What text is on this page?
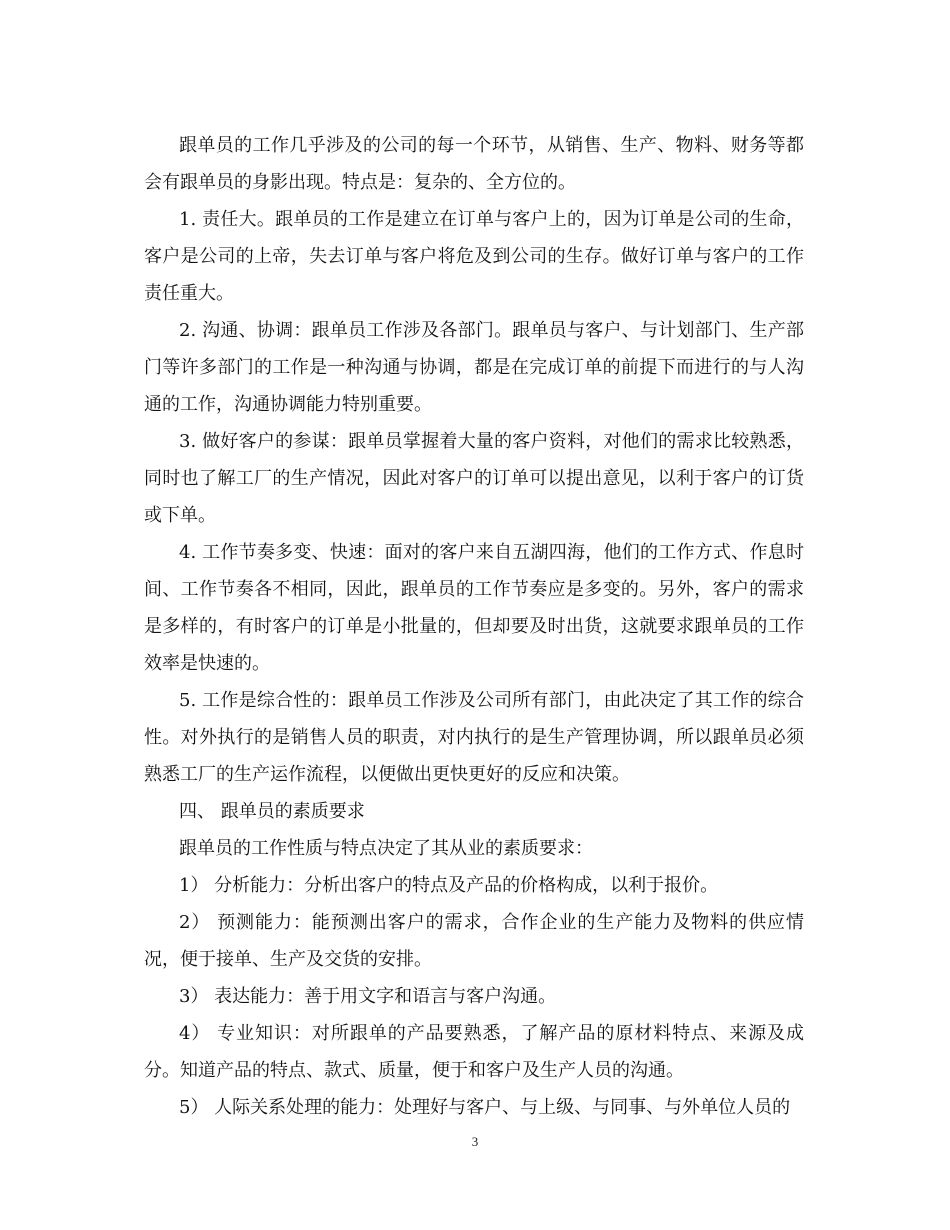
跟单员的工作几乎涉及的公司的每一个环节，从销售、生产、物料、财务等都会有跟单员的身影出现。特点是：复杂的、全方位的。

1. 责任大。跟单员的工作是建立在订单与客户上的，因为订单是公司的生命，客户是公司的上帝，失去订单与客户将危及到公司的生存。做好订单与客户的工作责任重大。

2. 沟通、协调：跟单员工作涉及各部门。跟单员与客户、与计划部门、生产部门等许多部门的工作是一种沟通与协调，都是在完成订单的前提下而进行的与人沟通的工作，沟通协调能力特别重要。

3. 做好客户的参谋：跟单员掌握着大量的客户资料，对他们的需求比较熟悉，同时也了解工厂的生产情况，因此对客户的订单可以提出意见，以利于客户的订货或下单。

4. 工作节奏多变、快速：面对的客户来自五湖四海，他们的工作方式、作息时间、工作节奏各不相同，因此，跟单员的工作节奏应是多变的。另外，客户的需求是多样的，有时客户的订单是小批量的，但却要及时出货，这就要求跟单员的工作效率是快速的。

5. 工作是综合性的：跟单员工作涉及公司所有部门，由此决定了其工作的综合性。对外执行的是销售人员的职责，对内执行的是生产管理协调，所以跟单员必须熟悉工厂的生产运作流程，以便做出更快更好的反应和决策。

四、 跟单员的素质要求

跟单员的工作性质与特点决定了其从业的素质要求：

1） 分析能力：分析出客户的特点及产品的价格构成，以利于报价。

2） 预测能力：能预测出客户的需求，合作企业的生产能力及物料的供应情况，便于接单、生产及交货的安排。

3） 表达能力：善于用文字和语言与客户沟通。

4） 专业知识：对所跟单的产品要熟悉，了解产品的原材料特点、来源及成分。知道产品的特点、款式、质量，便于和客户及生产人员的沟通。

5） 人际关系处理的能力：处理好与客户、与上级、与同事、与外单位人员的

3
